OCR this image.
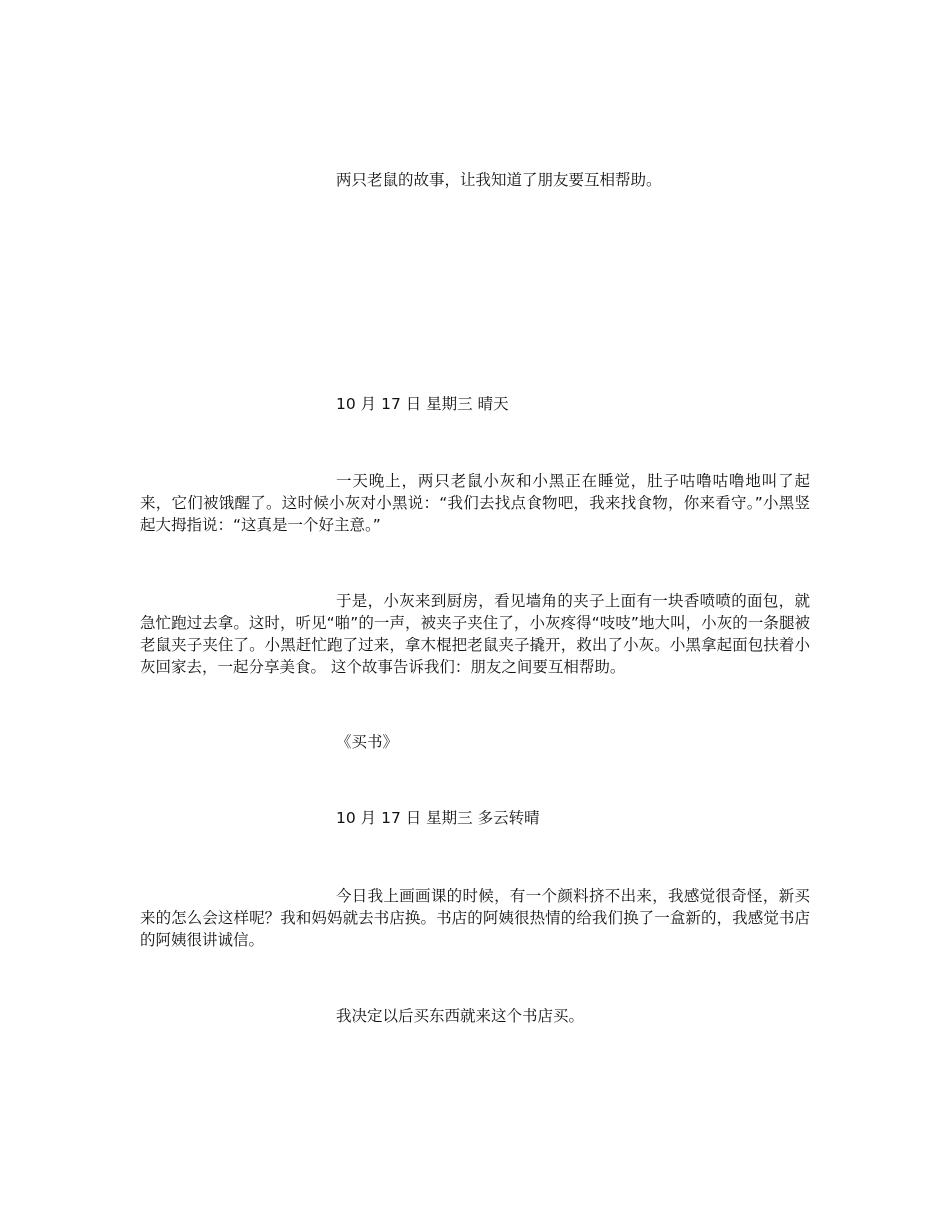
两只老鼠的故事，让我知道了朋友要互相帮助。
10 月 17 日 星期三 晴天
一天晚上，两只老鼠小灰和小黑正在睡觉，肚子咕噜咕噜地叫了起来，它们被饿醒了。这时候小灰对小黑说：“我们去找点食物吧，我来找食物，你来看守。”小黑竖起大拇指说：“这真是一个好主意。”
于是，小灰来到厨房，看见墙角的夹子上面有一块香喷喷的面包，就急忙跑过去拿。这时，听见“啪”的一声，被夹子夹住了，小灰疼得“吱吱”地大叫，小灰的一条腿被老鼠夹子夹住了。小黑赶忙跑了过来，拿木棍把老鼠夹子撬开，救出了小灰。小黑拿起面包扶着小灰回家去，一起分享美食。 这个故事告诉我们：朋友之间要互相帮助。
《买书》
10 月 17 日 星期三 多云转晴
今日我上画画课的时候，有一个颜料挤不出来，我感觉很奇怪，新买来的怎么会这样呢？我和妈妈就去书店换。书店的阿姨很热情的给我们换了一盒新的，我感觉书店的阿姨很讲诚信。
我决定以后买东西就来这个书店买。
